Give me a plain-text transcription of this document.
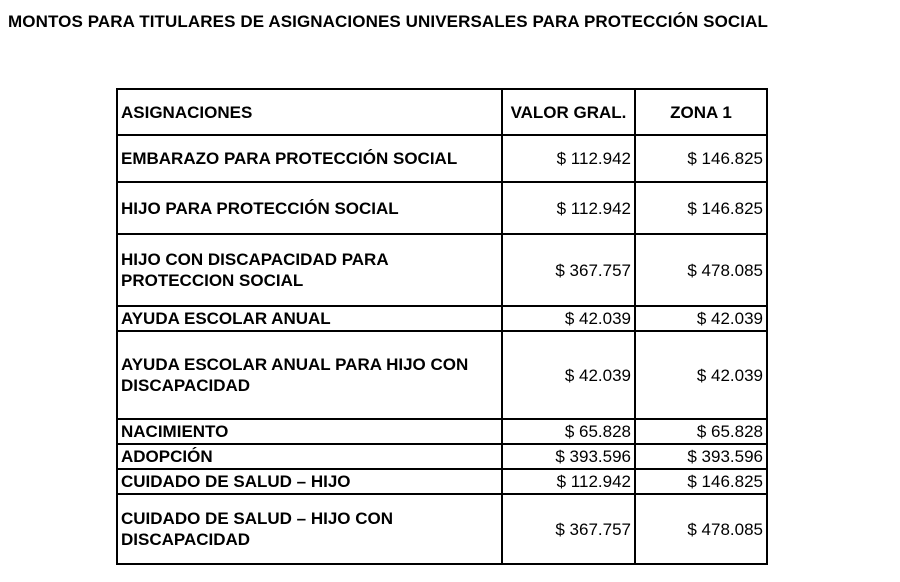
MONTOS PARA TITULARES DE ASIGNACIONES UNIVERSALES PARA PROTECCIÓN SOCIAL
ASIGNACIONES	VALOR GRAL.	ZONA 1
EMBARAZO PARA PROTECCIÓN SOCIAL	$ 112.942	$ 146.825
HIJO PARA PROTECCIÓN SOCIAL	$ 112.942	$ 146.825
HIJO CON DISCAPACIDAD PARA PROTECCION SOCIAL	$ 367.757	$ 478.085
AYUDA ESCOLAR ANUAL	$ 42.039	$ 42.039
AYUDA ESCOLAR ANUAL PARA HIJO CON DISCAPACIDAD	$ 42.039	$ 42.039
NACIMIENTO	$ 65.828	$ 65.828
ADOPCIÓN	$ 393.596	$ 393.596
CUIDADO DE SALUD – HIJO	$ 112.942	$ 146.825
CUIDADO DE SALUD – HIJO CON DISCAPACIDAD	$ 367.757	$ 478.085
